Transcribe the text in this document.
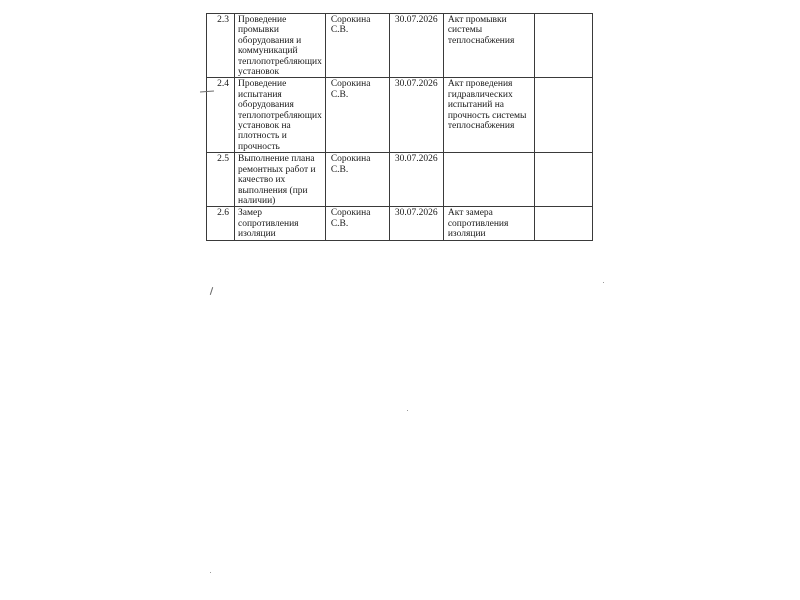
2.3	Проведение промывки оборудования и коммуникаций теплопотребляющих установок	Сорокина С.В.	30.07.2026	Акт промывки системы теплоснабжения	
2.4	Проведение испытания оборудования теплопотребляющих установок на плотность и прочность	Сорокина С.В.	30.07.2026	Акт проведения гидравлических испытаний на прочность системы теплоснабжения	
2.5	Выполнение плана ремонтных работ и качество их выполнения (при наличии)	Сорокина С.В.	30.07.2026		
2.6	Замер сопротивления изоляции	Сорокина С.В.	30.07.2026	Акт замера сопротивления изоляции	
